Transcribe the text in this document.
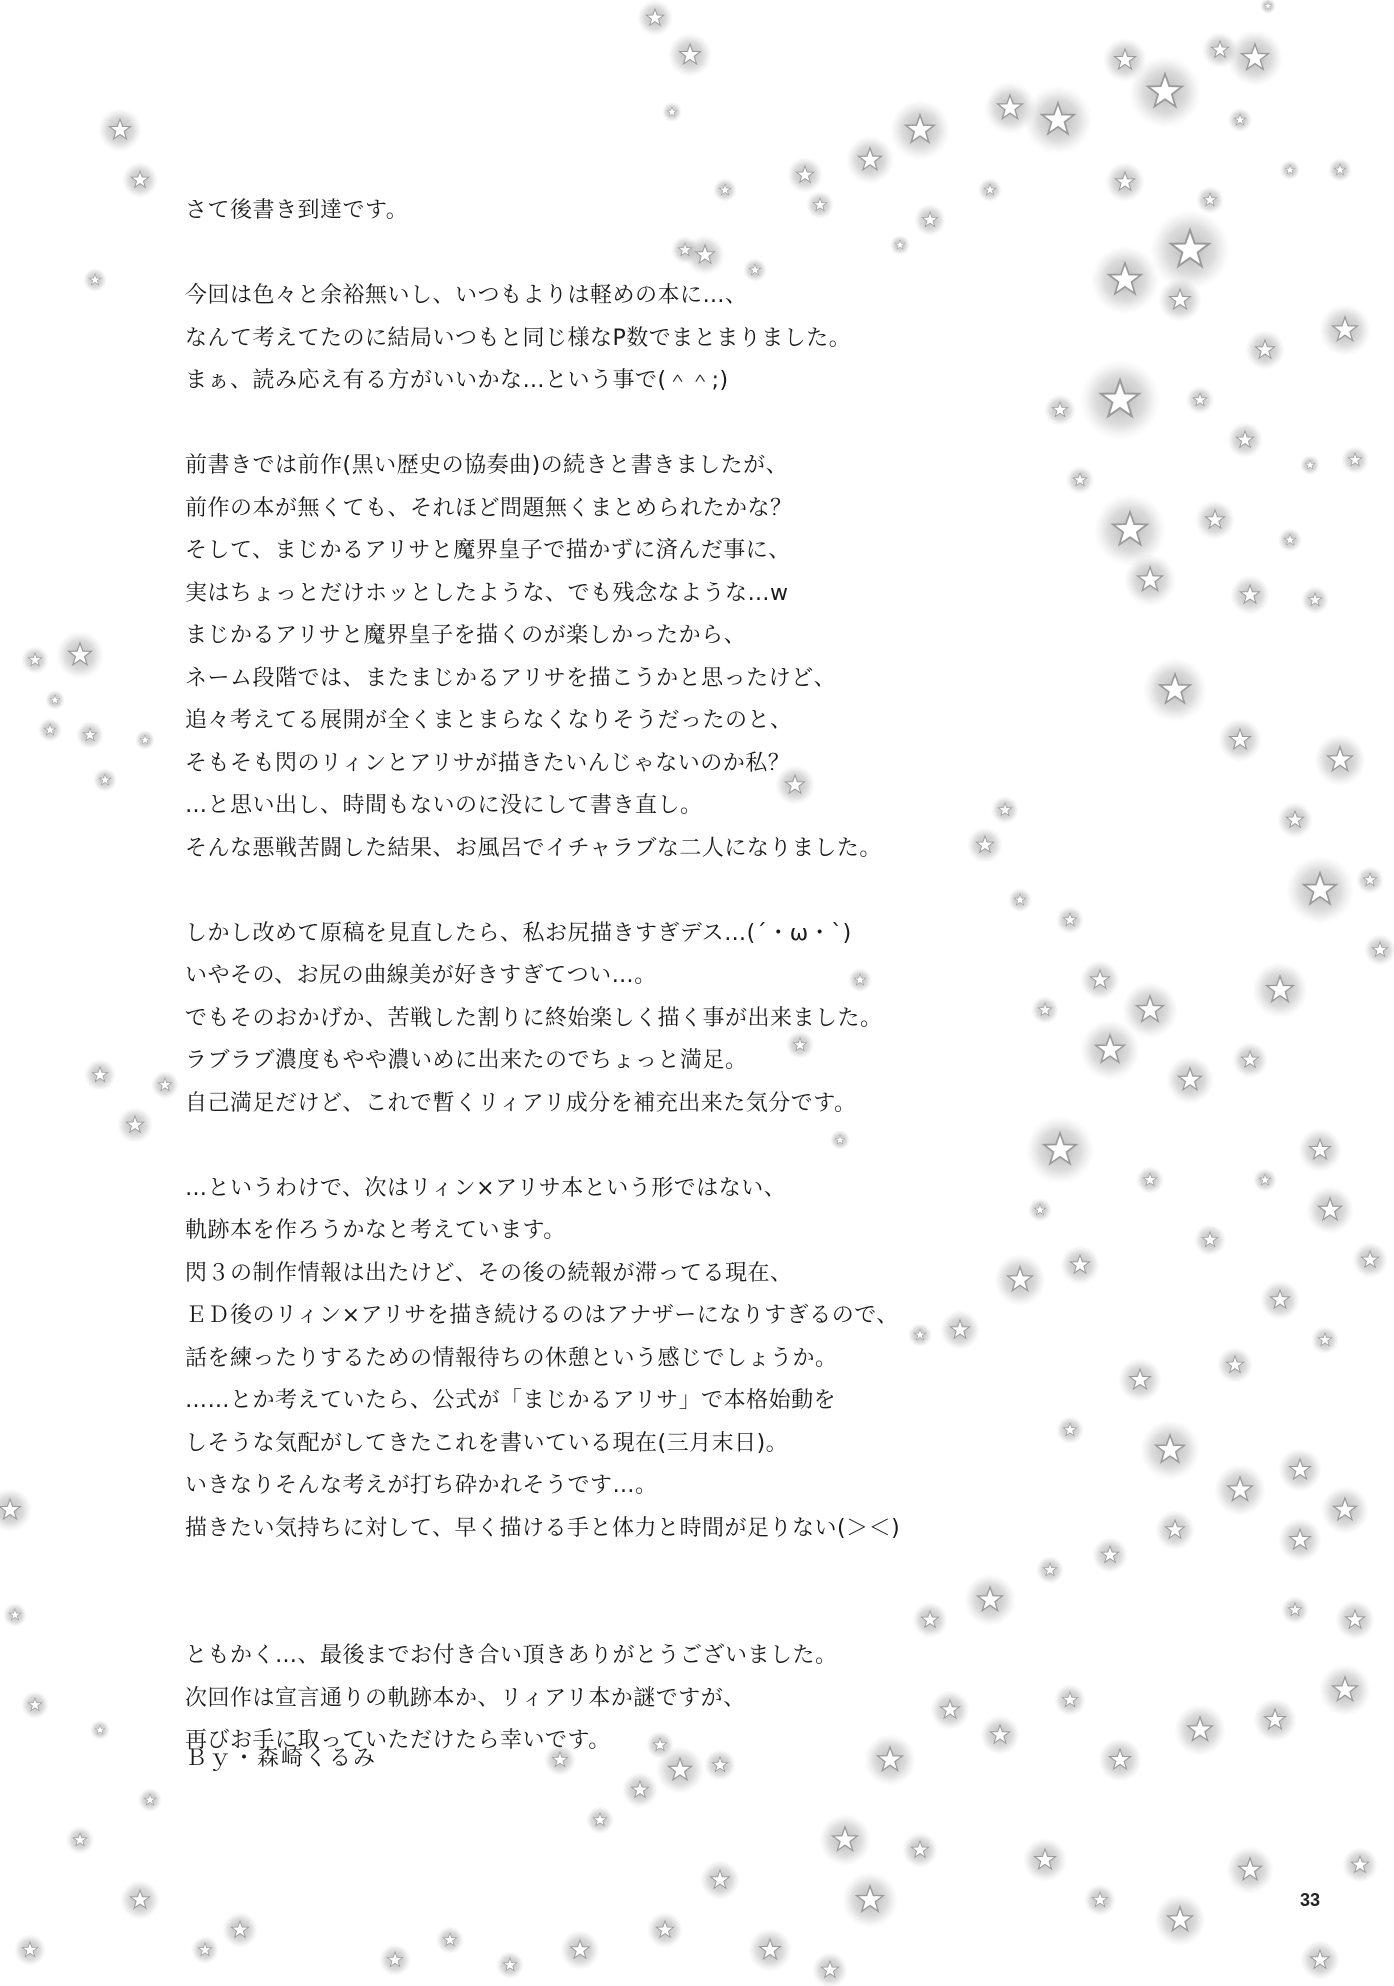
さて後書き到達です。
今回は色々と余裕無いし、いつもよりは軽めの本に…、
なんて考えてたのに結局いつもと同じ様なP数でまとまりました。
まぁ、読み応え有る方がいいかな…という事で(＾＾;)
前書きでは前作(黒い歴史の協奏曲)の続きと書きましたが、
前作の本が無くても、それほど問題無くまとめられたかな？
そして、まじかるアリサと魔界皇子で描かずに済んだ事に、
実はちょっとだけホッとしたような、でも残念なような…w
まじかるアリサと魔界皇子を描くのが楽しかったから、
ネーム段階では、またまじかるアリサを描こうかと思ったけど、
追々考えてる展開が全くまとまらなくなりそうだったのと、
そもそも閃のリィンとアリサが描きたいんじゃないのか私？
…と思い出し、時間もないのに没にして書き直し。
そんな悪戦苦闘した結果、お風呂でイチャラブな二人になりました。
しかし改めて原稿を見直したら、私お尻描きすぎデス…(´・ω・`)
いやその、お尻の曲線美が好きすぎてつい…。
でもそのおかげか、苦戦した割りに終始楽しく描く事が出来ました。
ラブラブ濃度もやや濃いめに出来たのでちょっと満足。
自己満足だけど、これで暫くリィアリ成分を補充出来た気分です。
…というわけで、次はリィン×アリサ本という形ではない、
軌跡本を作ろうかなと考えています。
閃３の制作情報は出たけど、その後の続報が滞ってる現在、
ＥＤ後のリィン×アリサを描き続けるのはアナザーになりすぎるので、
話を練ったりするための情報待ちの休憩という感じでしょうか。
……とか考えていたら、公式が「まじかるアリサ」で本格始動を
しそうな気配がしてきたこれを書いている現在(三月末日)。
いきなりそんな考えが打ち砕かれそうです…。
描きたい気持ちに対して、早く描ける手と体力と時間が足りない(＞＜)
ともかく…、最後までお付き合い頂きありがとうございました。
次回作は宣言通りの軌跡本か、リィアリ本か謎ですが、
再びお手に取っていただけたら幸いです。
Ｂｙ・森崎くるみ
33
